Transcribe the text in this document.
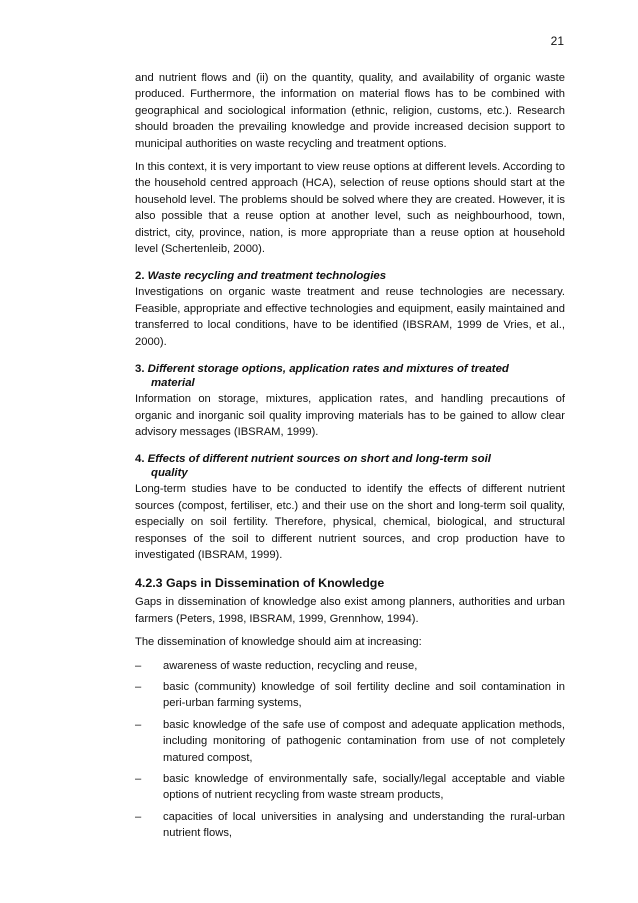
21

and nutrient flows and (ii) on the quantity, quality, and availability of organic waste produced. Furthermore, the information on material flows has to be combined with geographical and sociological information (ethnic, religion, customs, etc.). Research should broaden the prevailing knowledge and provide increased decision support to municipal authorities on waste recycling and treatment options.

In this context, it is very important to view reuse options at different levels. According to the household centred approach (HCA), selection of reuse options should start at the household level. The problems should be solved where they are created. However, it is also possible that a reuse option at another level, such as neighbourhood, town, district, city, province, nation, is more appropriate than a reuse option at household level (Schertenleib, 2000).

2. Waste recycling and treatment technologies

Investigations on organic waste treatment and reuse technologies are necessary. Feasible, appropriate and effective technologies and equipment, easily maintained and transferred to local conditions, have to be identified (IBSRAM, 1999 de Vries, et al., 2000).

3. Different storage options, application rates and mixtures of treated
material

Information on storage, mixtures, application rates, and handling precautions of organic and inorganic soil quality improving materials has to be gained to allow clear advisory messages (IBSRAM, 1999).

4. Effects of different nutrient sources on short and long-term soil
quality

Long-term studies have to be conducted to identify the effects of different nutrient sources (compost, fertiliser, etc.) and their use on the short and long-term soil quality, especially on soil fertility. Therefore, physical, chemical, biological, and structural responses of the soil to different nutrient sources, and crop production have to investigated (IBSRAM, 1999).

4.2.3 Gaps in Dissemination of Knowledge

Gaps in dissemination of knowledge also exist among planners, authorities and urban farmers (Peters, 1998, IBSRAM, 1999, Grennhow, 1994).

The dissemination of knowledge should aim at increasing:

– awareness of waste reduction, recycling and reuse,
– basic (community) knowledge of soil fertility decline and soil contamination in peri-urban farming systems,
– basic knowledge of the safe use of compost and adequate application methods, including monitoring of pathogenic contamination from use of not completely matured compost,
– basic knowledge of environmentally safe, socially/legal acceptable and viable options of nutrient recycling from waste stream products,
– capacities of local universities in analysing and understanding the rural-urban nutrient flows,
